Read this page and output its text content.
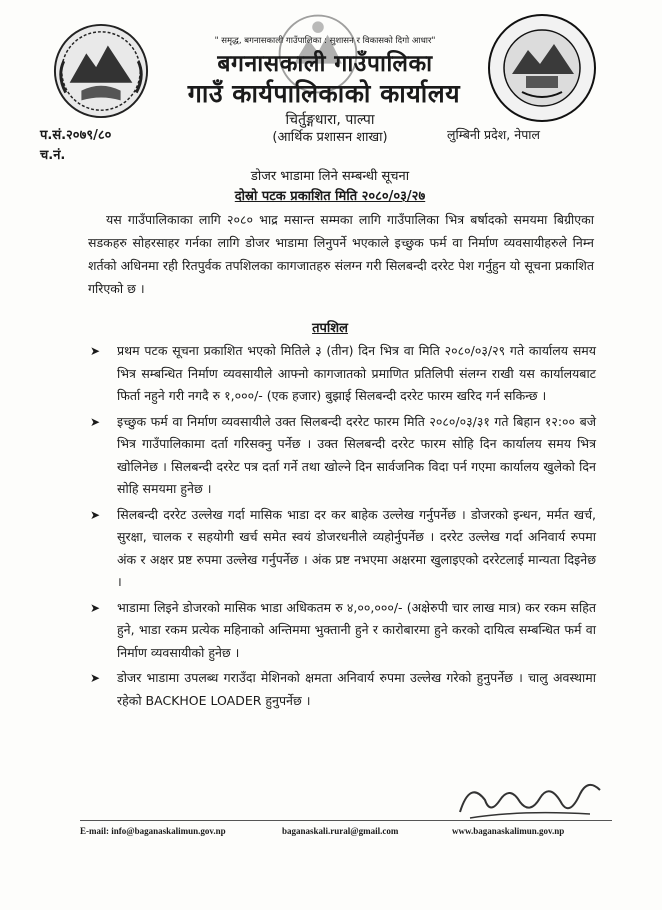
" समृद्ध, बगनासकाली गाउँपालिका : सुशासन र विकासको दिगो आधार"
बगनासकाली गाउँपालिका
गाउँ कार्यपालिकाको कार्यालय
चिर्तुङ्गधारा, पाल्पा
(आर्थिक प्रशासन शाखा)	लुम्बिनी प्रदेश, नेपाल
प.सं.२०७९/८०
च.नं.
डोजर भाडामा लिने सम्बन्धी सूचना
दोस्रो पटक प्रकाशित मिति २०८०/०३/२७
यस गाउँपालिकाका लागि २०८० भाद्र मसान्त सम्मका लागि गाउँपालिका भित्र बर्षादको समयमा बिग्रीएका सडकहरु सोहरसाहर गर्नका लागि डोजर भाडामा लिनुपर्ने भएकाले इच्छुक फर्म वा निर्माण व्यवसायीहरुले निम्न शर्तको अधिनमा रही रितपुर्वक तपशिलका कागजातहरु संलग्न गरी सिलबन्दी दररेट पेश गर्नुहुन यो सूचना प्रकाशित गरिएको छ ।
तपशिल
➤ प्रथम पटक सूचना प्रकाशित भएको मितिले ३ (तीन) दिन भित्र वा मिति २०८०/०३/२९ गते कार्यालय समय भित्र सम्बन्धित निर्माण व्यवसायीले आफ्नो कागजातको प्रमाणित प्रतिलिपी संलग्न राखी यस कार्यालयबाट फिर्ता नहुने गरी नगदै रु १,०००/- (एक हजार) बुझाई सिलबन्दी दररेट फारम खरिद गर्न सकिन्छ ।
➤ इच्छुक फर्म वा निर्माण व्यवसायीले उक्त सिलबन्दी दररेट फारम मिति २०८०/०३/३१ गते बिहान १२:०० बजे भित्र गाउँपालिकामा दर्ता गरिसक्नु पर्नेछ । उक्त सिलबन्दी दररेट फारम सोहि दिन कार्यालय समय भित्र खोलिनेछ । सिलबन्दी दररेट पत्र दर्ता गर्ने तथा खोल्ने दिन सार्वजनिक विदा पर्न गएमा कार्यालय खुलेको दिन सोहि समयमा हुनेछ ।
➤ सिलबन्दी दररेट उल्लेख गर्दा मासिक भाडा दर कर बाहेक उल्लेख गर्नुपर्नेछ । डोजरको इन्धन, मर्मत खर्च, सुरक्षा, चालक र सहयोगी खर्च समेत स्वयं डोजरधनीले व्यहोर्नुपर्नेछ । दररेट उल्लेख गर्दा अनिवार्य रुपमा अंक र अक्षर प्रष्ट रुपमा उल्लेख गर्नुपर्नेछ । अंक प्रष्ट नभएमा अक्षरमा खुलाइएको दररेटलाई मान्यता दिइनेछ ।
➤ भाडामा लिइने डोजरको मासिक भाडा अधिकतम रु ४,००,०००/- (अक्षेरुपी चार लाख मात्र) कर रकम सहित हुने, भाडा रकम प्रत्येक महिनाको अन्तिममा भुक्तानी हुने र कारोबारमा हुने करको दायित्व सम्बन्धित फर्म वा निर्माण व्यवसायीको हुनेछ ।
➤ डोजर भाडामा उपलब्ध गराउँदा मेशिनको क्षमता अनिवार्य रुपमा उल्लेख गरेको हुनुपर्नेछ । चालु अवस्थामा रहेको BACKHOE LOADER हुनुपर्नेछ ।
E-mail: info@baganaskalimun.gov.np	baganaskali.rural@gmail.com	www.baganaskalimun.gov.np
